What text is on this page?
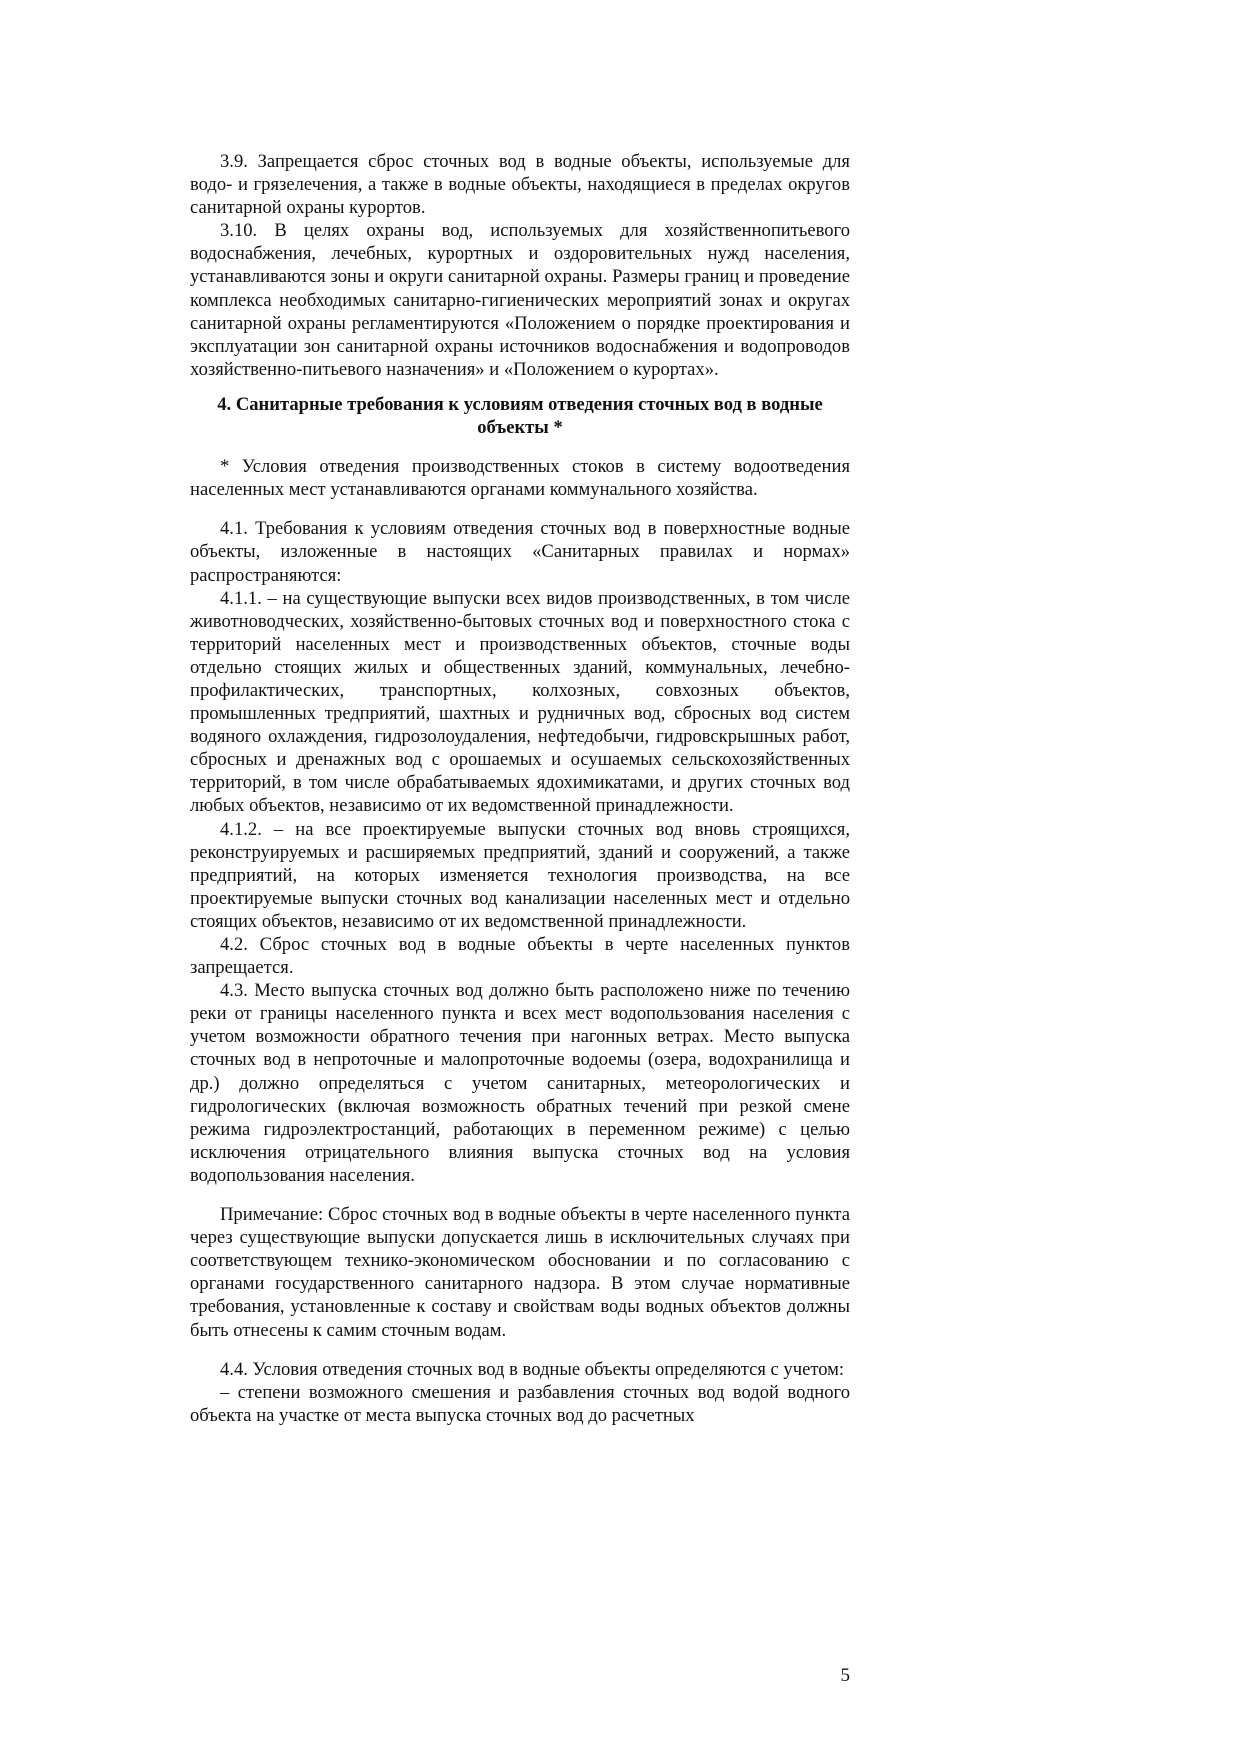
3.9. Запрещается сброс сточных вод в водные объекты, используемые для водо- и грязелечения, а также в водные объекты, находящиеся в пределах округов санитарной охраны курортов.

3.10. В целях охраны вод, используемых для хозяйственнопитьевого водоснабжения, лечебных, курортных и оздоровительных нужд населения, устанавливаются зоны и округи санитарной охраны. Размеры границ и проведение комплекса необходимых санитарно-гигиенических мероприятий зонах и округах санитарной охраны регламентируются «Положением о порядке проектирования и эксплуатации зон санитарной охраны источников водоснабжения и водопроводов хозяйственно-питьевого назначения» и «Положением о курортах».

4. Санитарные требования к условиям отведения сточных вод в водные объекты *

* Условия отведения производственных стоков в систему водоотведения населенных мест устанавливаются органами коммунального хозяйства.

4.1. Требования к условиям отведения сточных вод в поверхностные водные объекты, изложенные в настоящих «Санитарных правилах и нормах» распространяются:

4.1.1. – на существующие выпуски всех видов производственных, в том числе животноводческих, хозяйственно-бытовых сточных вод и поверхностного стока с территорий населенных мест и производственных объектов, сточные воды отдельно стоящих жилых и общественных зданий, коммунальных, лечебно-профилактических, транспортных, колхозных, совхозных объектов, промышленных тредприятий, шахтных и рудничных вод, сбросных вод систем водяного охлаждения, гидрозолоудаления, нефтедобычи, гидровскрышных работ, сбросных и дренажных вод с орошаемых и осушаемых сельскохозяйственных территорий, в том числе обрабатываемых ядохимикатами, и других сточных вод любых объектов, независимо от их ведомственной принадлежности.

4.1.2. – на все проектируемые выпуски сточных вод вновь строящихся, реконструируемых и расширяемых предприятий, зданий и сооружений, а также предприятий, на которых изменяется технология производства, на все проектируемые выпуски сточных вод канализации населенных мест и отдельно стоящих объектов, независимо от их ведомственной принадлежности.

4.2. Сброс сточных вод в водные объекты в черте населенных пунктов запрещается.

4.3. Место выпуска сточных вод должно быть расположено ниже по течению реки от границы населенного пункта и всех мест водопользования населения с учетом возможности обратного течения при нагонных ветрах. Место выпуска сточных вод в непроточные и малопроточные водоемы (озера, водохранилища и др.) должно определяться с учетом санитарных, метеорологических и гидрологических (включая возможность обратных течений при резкой смене режима гидроэлектростанций, работающих в переменном режиме) с целью исключения отрицательного влияния выпуска сточных вод на условия водопользования населения.

Примечание: Сброс сточных вод в водные объекты в черте населенного пункта через существующие выпуски допускается лишь в исключительных случаях при соответствующем технико-экономическом обосновании и по согласованию с органами государственного санитарного надзора. В этом случае нормативные требования, установленные к составу и свойствам воды водных объектов должны быть отнесены к самим сточным водам.

4.4. Условия отведения сточных вод в водные объекты определяются с учетом:

– степени возможного смешения и разбавления сточных вод водой водного объекта на участке от места выпуска сточных вод до расчетных

5
